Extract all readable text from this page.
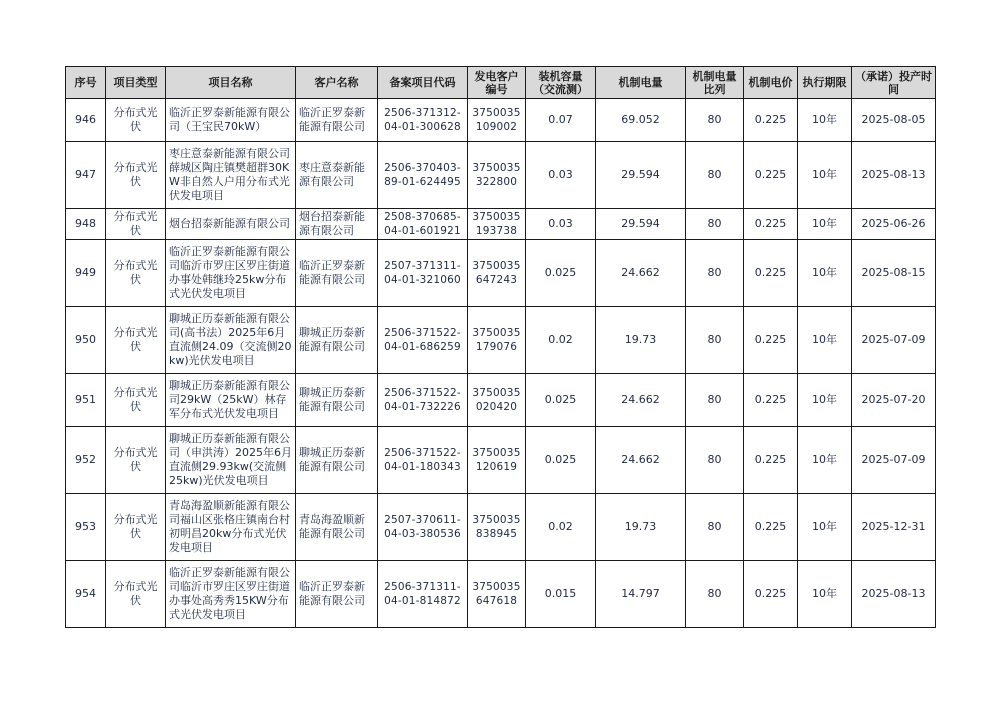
序号	项目类型	项目名称	客户名称	备案项目代码	发电客户编号	装机容量（交流测）	机制电量	机制电量比列	机制电价	执行期限	（承诺）投产时间
946	分布式光伏	临沂正罗泰新能源有限公司（王宝民70kW）	临沂正罗泰新能源有限公司	2506-371312-04-01-300628	3750035109002	0.07	69.052	80	0.225	10年	2025-08-05
947	分布式光伏	枣庄意泰新能源有限公司薛城区陶庄镇樊超群30KW非自然人户用分布式光伏发电项目	枣庄意泰新能源有限公司	2506-370403-89-01-624495	3750035322800	0.03	29.594	80	0.225	10年	2025-08-13
948	分布式光伏	烟台招泰新能源有限公司	烟台招泰新能源有限公司	2508-370685-04-01-601921	3750035193738	0.03	29.594	80	0.225	10年	2025-06-26
949	分布式光伏	临沂正罗泰新能源有限公司临沂市罗庄区罗庄街道办事处韩继玲25kw分布式光伏发电项目	临沂正罗泰新能源有限公司	2507-371311-04-01-321060	3750035647243	0.025	24.662	80	0.225	10年	2025-08-15
950	分布式光伏	聊城正历泰新能源有限公司(高书法）2025年6月直流侧24.09（交流侧20kw)光伏发电项目	聊城正历泰新能源有限公司	2506-371522-04-01-686259	3750035179076	0.02	19.73	80	0.225	10年	2025-07-09
951	分布式光伏	聊城正历泰新能源有限公司29kW（25kW）林存军分布式光伏发电项目	聊城正历泰新能源有限公司	2506-371522-04-01-732226	3750035020420	0.025	24.662	80	0.225	10年	2025-07-20
952	分布式光伏	聊城正历泰新能源有限公司（申洪涛）2025年6月直流侧29.93kw(交流侧25kw)光伏发电项目	聊城正历泰新能源有限公司	2506-371522-04-01-180343	3750035120619	0.025	24.662	80	0.225	10年	2025-07-09
953	分布式光伏	青岛海盈顺新能源有限公司福山区张格庄镇南台村初明昌20kw分布式光伏发电项目	青岛海盈顺新能源有限公司	2507-370611-04-03-380536	3750035838945	0.02	19.73	80	0.225	10年	2025-12-31
954	分布式光伏	临沂正罗泰新能源有限公司临沂市罗庄区罗庄街道办事处高秀秀15KW分布式光伏发电项目	临沂正罗泰新能源有限公司	2506-371311-04-01-814872	3750035647618	0.015	14.797	80	0.225	10年	2025-08-13
